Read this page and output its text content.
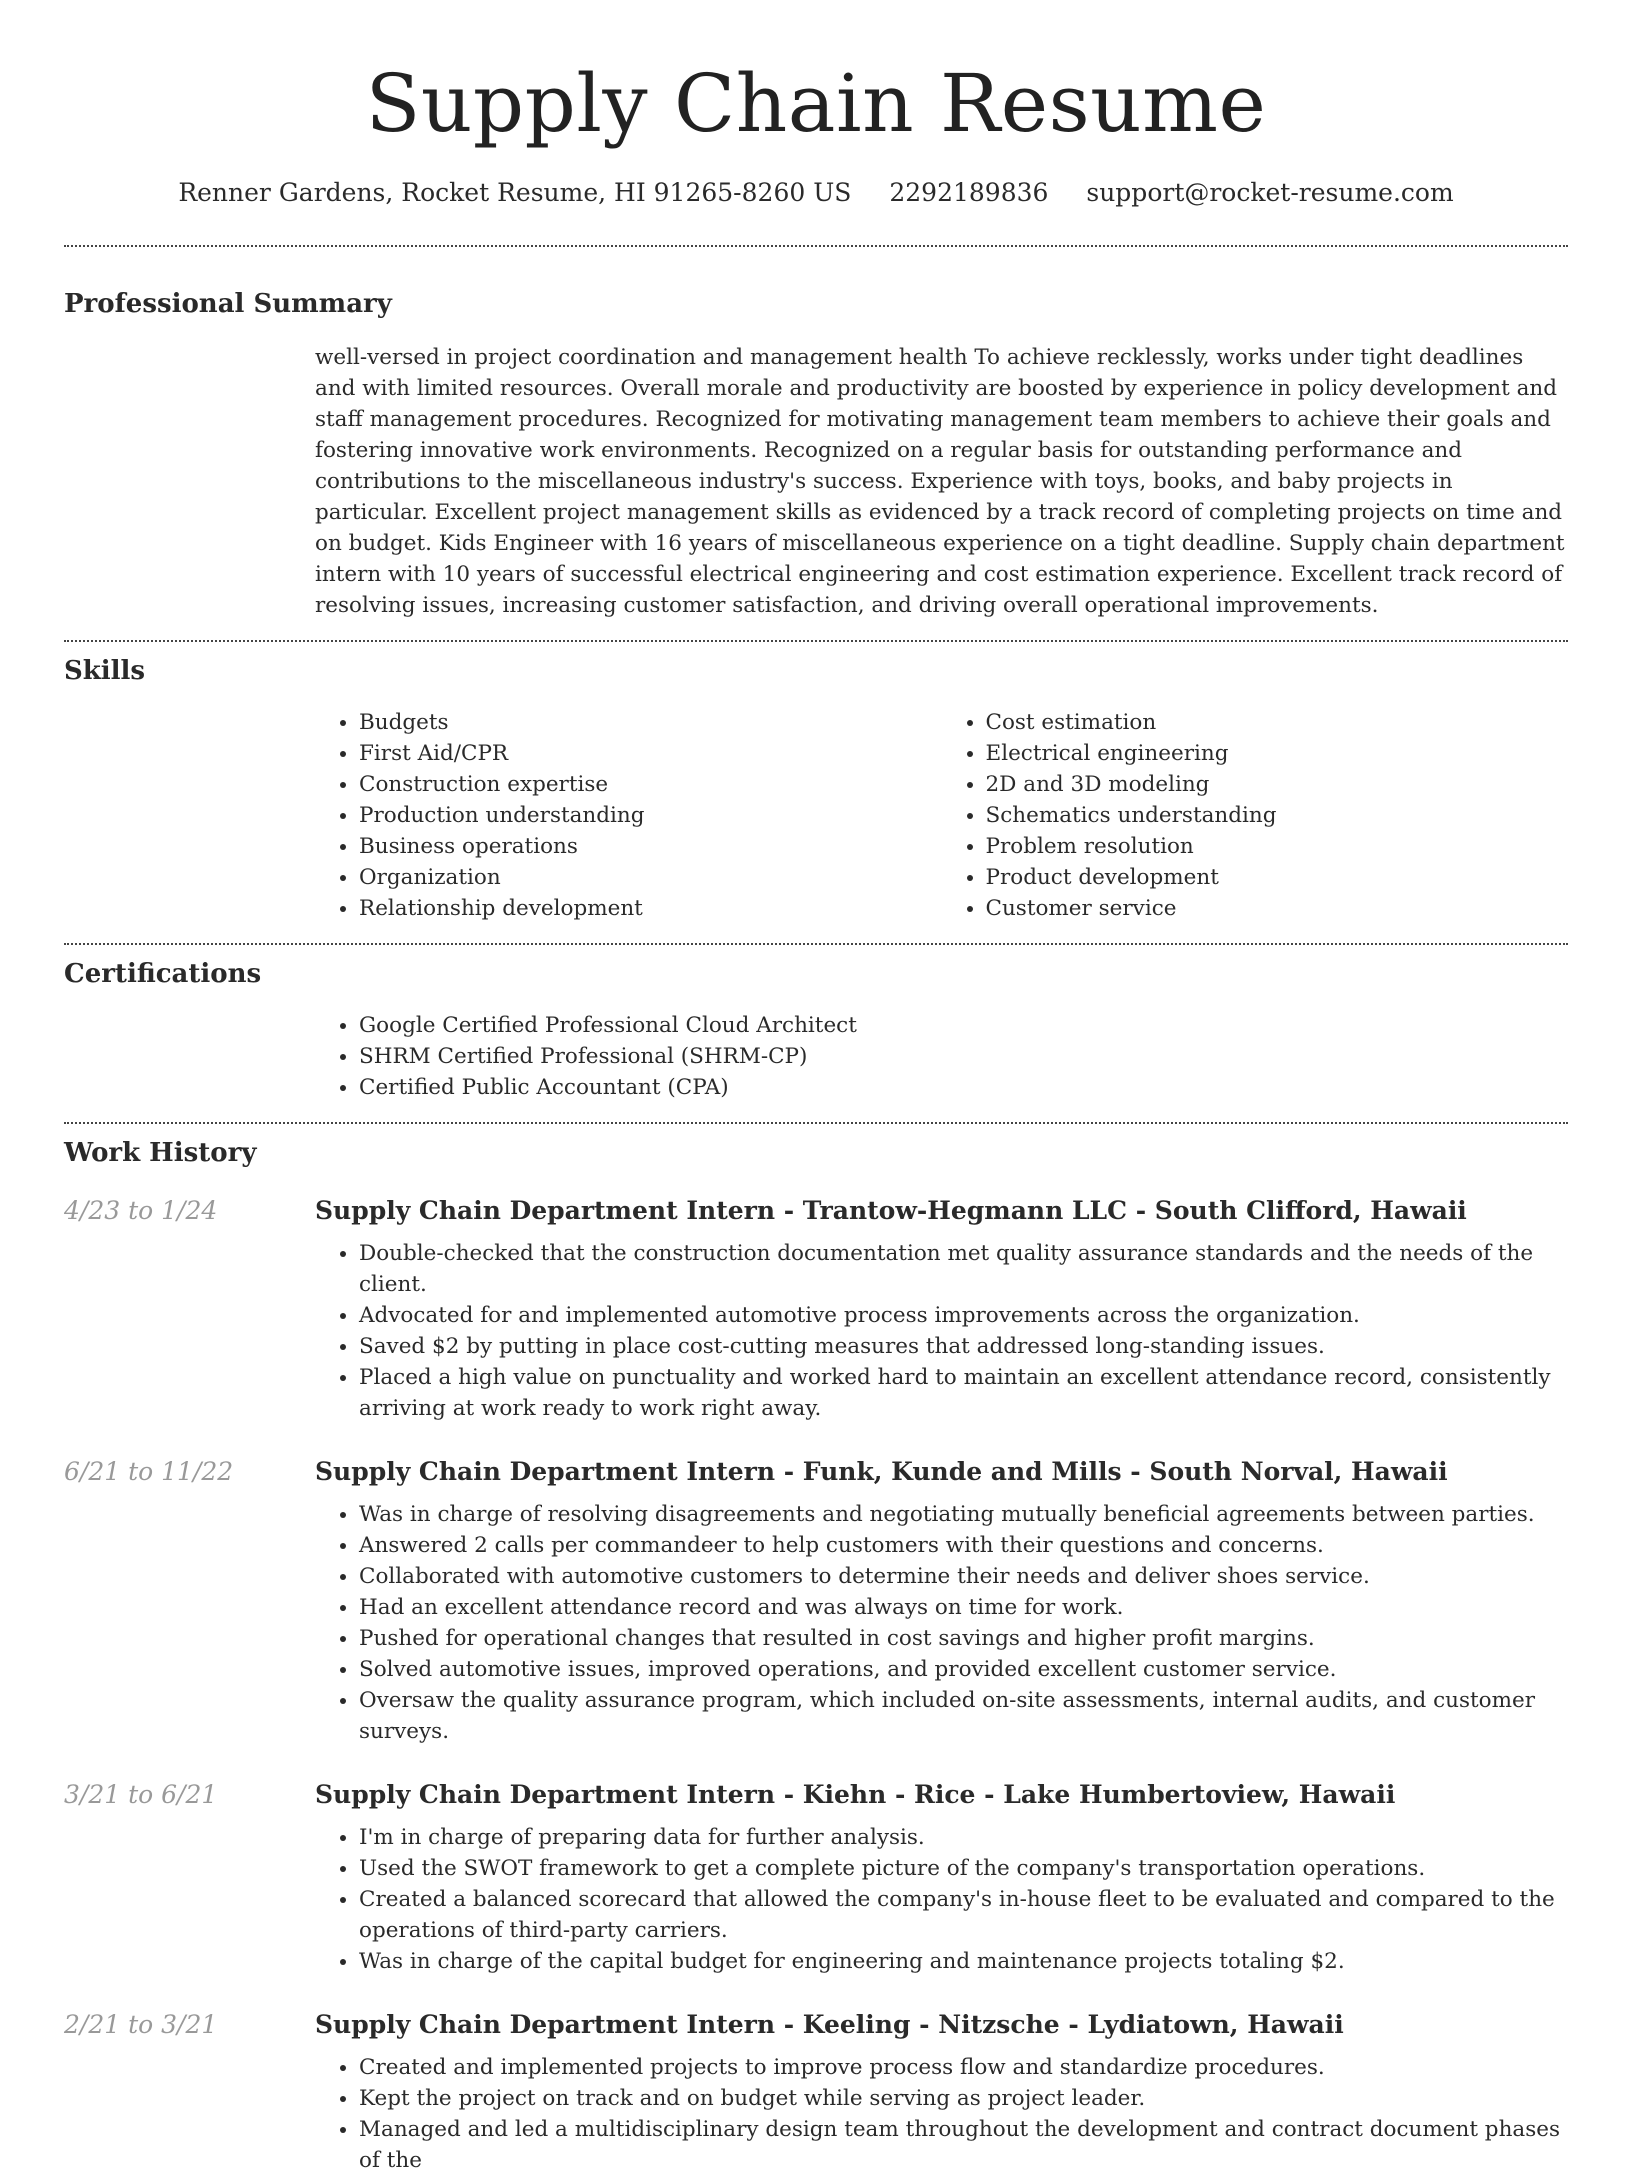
Supply Chain Resume
Renner Gardens, Rocket Resume, HI 91265-8260 US 2292189836 support@rocket-resume.com
Professional Summary

well-versed in project coordination and management health To achieve recklessly, works under tight deadlines and with limited resources. Overall morale and productivity are boosted by experience in policy development and staff management procedures. Recognized for motivating management team members to achieve their goals and fostering innovative work environments. Recognized on a regular basis for outstanding performance and contributions to the miscellaneous industry's success. Experience with toys, books, and baby projects in particular. Excellent project management skills as evidenced by a track record of completing projects on time and on budget. Kids Engineer with 16 years of miscellaneous experience on a tight deadline. Supply chain department intern with 10 years of successful electrical engineering and cost estimation experience. Excellent track record of resolving issues, increasing customer satisfaction, and driving overall operational improvements.

Skills
• Budgets
• First Aid/CPR
• Construction expertise
• Production understanding
• Business operations
• Organization
• Relationship development
• Cost estimation
• Electrical engineering
• 2D and 3D modeling
• Schematics understanding
• Problem resolution
• Product development
• Customer service
Certifications
• Google Certified Professional Cloud Architect
• SHRM Certified Professional (SHRM-CP)
• Certified Public Accountant (CPA)
Work History
4/23 to 1/24	Supply Chain Department Intern - Trantow-Hegmann LLC - South Clifford, Hawaii
• Double-checked that the construction documentation met quality assurance standards and the needs of the client.
• Advocated for and implemented automotive process improvements across the organization.
• Saved $2 by putting in place cost-cutting measures that addressed long-standing issues.
• Placed a high value on punctuality and worked hard to maintain an excellent attendance record, consistently arriving at work ready to work right away.
6/21 to 11/22	Supply Chain Department Intern - Funk, Kunde and Mills - South Norval, Hawaii
• Was in charge of resolving disagreements and negotiating mutually beneficial agreements between parties.
• Answered 2 calls per commandeer to help customers with their questions and concerns.
• Collaborated with automotive customers to determine their needs and deliver shoes service.
• Had an excellent attendance record and was always on time for work.
• Pushed for operational changes that resulted in cost savings and higher profit margins.
• Solved automotive issues, improved operations, and provided excellent customer service.
• Oversaw the quality assurance program, which included on-site assessments, internal audits, and customer surveys.
3/21 to 6/21	Supply Chain Department Intern - Kiehn - Rice - Lake Humbertoview, Hawaii
• I'm in charge of preparing data for further analysis.
• Used the SWOT framework to get a complete picture of the company's transportation operations.
• Created a balanced scorecard that allowed the company's in-house fleet to be evaluated and compared to the operations of third-party carriers.
• Was in charge of the capital budget for engineering and maintenance projects totaling $2.
2/21 to 3/21	Supply Chain Department Intern - Keeling - Nitzsche - Lydiatown, Hawaii
• Created and implemented projects to improve process flow and standardize procedures.
• Kept the project on track and on budget while serving as project leader.
• Managed and led a multidisciplinary design team throughout the development and contract document phases of the
